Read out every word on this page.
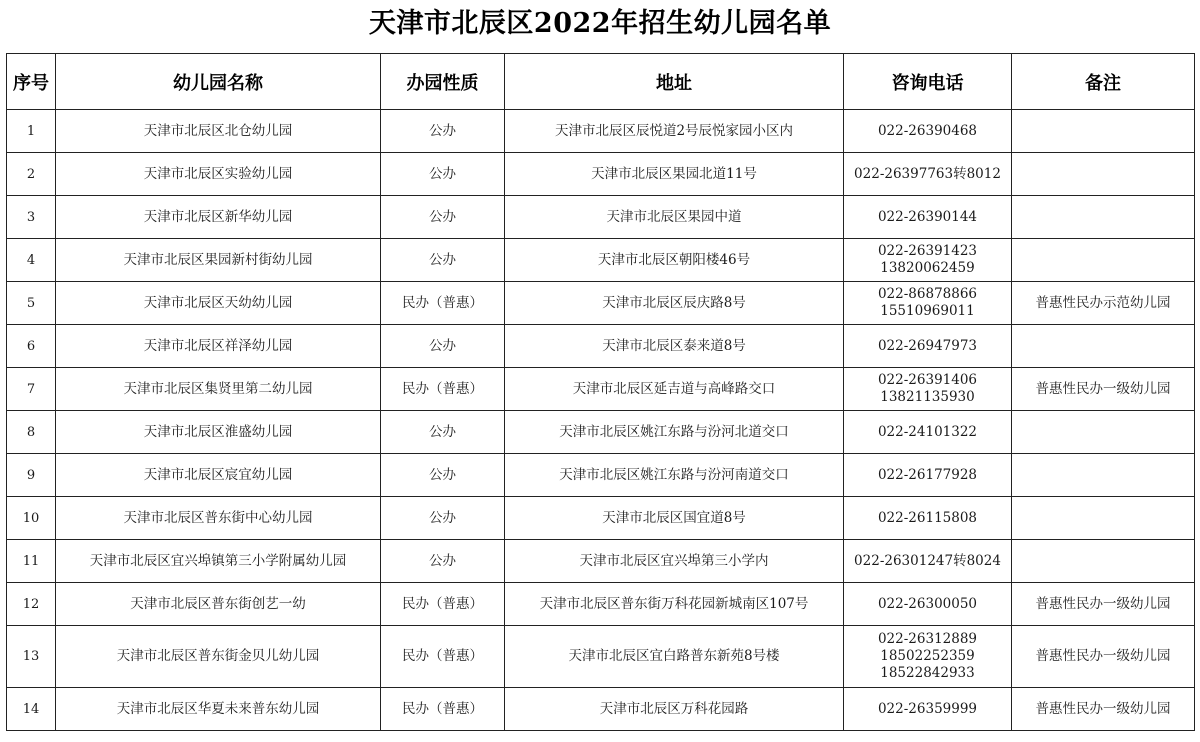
天津市北辰区2022年招生幼儿园名单
序号	幼儿园名称	办园性质	地址	咨询电话	备注
1	天津市北辰区北仓幼儿园	公办	天津市北辰区辰悦道2号辰悦家园小区内	022-26390468	

2	天津市北辰区实验幼儿园	公办	天津市北辰区果园北道11号	022-26397763转8012	

3	天津市北辰区新华幼儿园	公办	天津市北辰区果园中道	022-26390144	

4	天津市北辰区果园新村街幼儿园	公办	天津市北辰区朝阳楼46号	022-26391423
13820062459	

5	天津市北辰区天幼幼儿园	民办（普惠）	天津市北辰区辰庆路8号	022-86878866
15510969011	普惠性民办示范幼儿园
6	天津市北辰区祥泽幼儿园	公办	天津市北辰区泰来道8号	022-26947973	

7	天津市北辰区集贤里第二幼儿园	民办（普惠）	天津市北辰区延吉道与高峰路交口	022-26391406
13821135930	普惠性民办一级幼儿园
8	天津市北辰区淮盛幼儿园	公办	天津市北辰区姚江东路与汾河北道交口	022-24101322	

9	天津市北辰区宸宜幼儿园	公办	天津市北辰区姚江东路与汾河南道交口	022-26177928	

10	天津市北辰区普东街中心幼儿园	公办	天津市北辰区国宜道8号	022-26115808	

11	天津市北辰区宜兴埠镇第三小学附属幼儿园	公办	天津市北辰区宜兴埠第三小学内	022-26301247转8024	

12	天津市北辰区普东街创艺一幼	民办（普惠）	天津市北辰区普东街万科花园新城南区107号	022-26300050	普惠性民办一级幼儿园
13	天津市北辰区普东街金贝儿幼儿园	民办（普惠）	天津市北辰区宜白路普东新苑8号楼	022-26312889
18502252359
18522842933	普惠性民办一级幼儿园
14	天津市北辰区华夏未来普东幼儿园	民办（普惠）	天津市北辰区万科花园路	022-26359999	普惠性民办一级幼儿园
